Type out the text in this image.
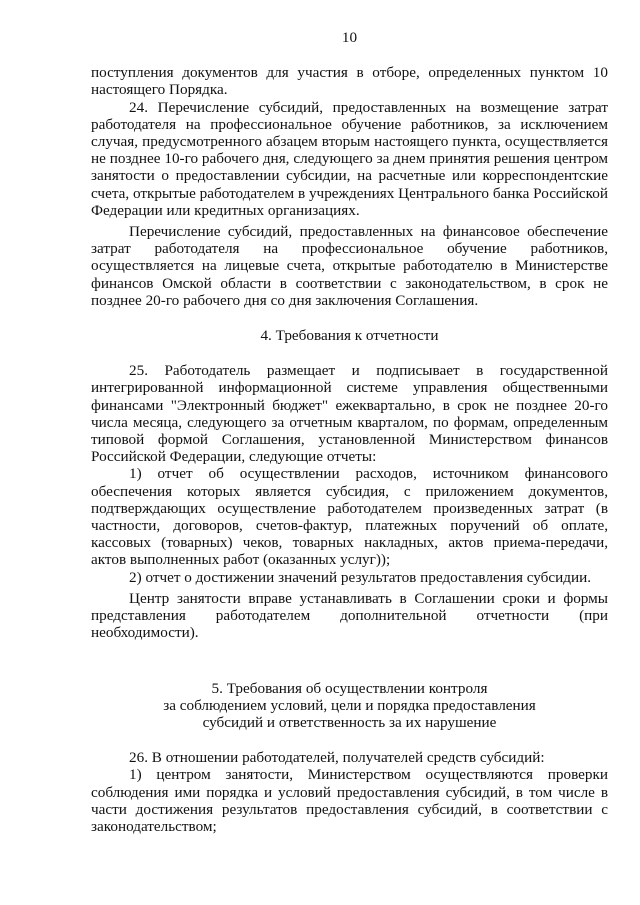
10

поступления документов для участия в отборе, определенных пунктом 10 настоящего Порядка.

24. Перечисление субсидий, предоставленных на возмещение затрат работодателя на профессиональное обучение работников, за исключением случая, предусмотренного абзацем вторым настоящего пункта, осуществляется не позднее 10-го рабочего дня, следующего за днем принятия решения центром занятости о предоставлении субсидии, на расчетные или корреспондентские счета, открытые работодателем в учреждениях Центрального банка Российской Федерации или кредитных организациях.

Перечисление субсидий, предоставленных на финансовое обеспечение затрат работодателя на профессиональное обучение работников, осуществляется на лицевые счета, открытые работодателю в Министерстве финансов Омской области в соответствии с законодательством, в срок не позднее 20-го рабочего дня со дня заключения Соглашения.

4. Требования к отчетности

25. Работодатель размещает и подписывает в государственной интегрированной информационной системе управления общественными финансами "Электронный бюджет" ежеквартально, в срок не позднее 20-го числа месяца, следующего за отчетным кварталом, по формам, определенным типовой формой Соглашения, установленной Министерством финансов Российской Федерации, следующие отчеты:

1) отчет об осуществлении расходов, источником финансового обеспечения которых является субсидия, с приложением документов, подтверждающих осуществление работодателем произведенных затрат (в частности, договоров, счетов-фактур, платежных поручений об оплате, кассовых (товарных) чеков, товарных накладных, актов приема-передачи, актов выполненных работ (оказанных услуг));

2) отчет о достижении значений результатов предоставления субсидии.

Центр занятости вправе устанавливать в Соглашении сроки и формы представления работодателем дополнительной отчетности (при необходимости).

5. Требования об осуществлении контроля
за соблюдением условий, цели и порядка предоставления
субсидий и ответственность за их нарушение

26. В отношении работодателей, получателей средств субсидий:

1) центром занятости, Министерством осуществляются проверки соблюдения ими порядка и условий предоставления субсидий, в том числе в части достижения результатов предоставления субсидий, в соответствии с законодательством;
